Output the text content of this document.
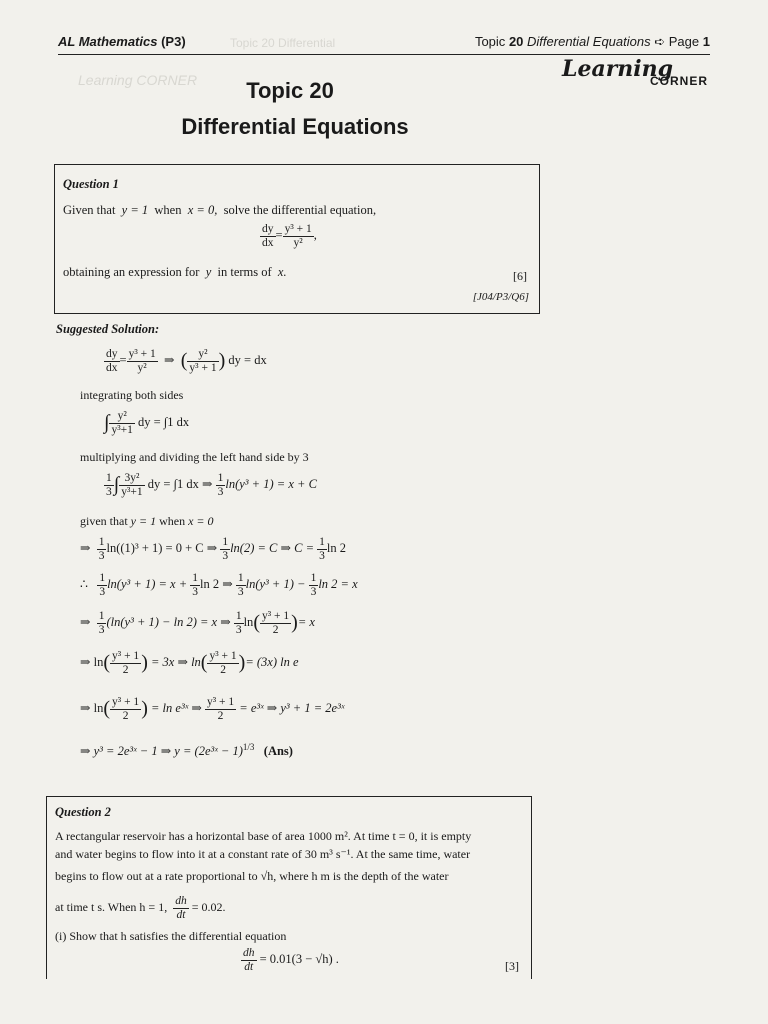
Topic 20 Differential
Learning CORNER
AL Mathematics (P3)	Topic 20 Differential Equations ➪ Page 1
Learning
CORNER
Topic 20
Differential Equations
Question 1
Given that y = 1 when x = 0, solve the differential equation,
$\frac{dy}{dx} = \frac{\text{y³ + 1}}{\text{y²}}$ ,
obtaining an expression for y in terms of x.	[6]
[J04/P3/Q6]
Suggested Solution:
$\frac{dy}{dx} = \frac{\text{y³ + 1}}{\text{y²}}$ ⇒ ( $\frac{\text{y²}}{\text{y³ + 1}}$ ) dy = dx
integrating both sides
∫ $\frac{\text{y²}}{\text{y³+1}}$ dy = ∫1 dx
multiplying and dividing the left hand side by 3
$\frac{1}{3}$ ∫ $\frac{\text{3y²}}{\text{y³+1}}$ dy = ∫1 dx ⇒ $\frac{1}{3} \ln(y^3 + 1) = x + C$
given that y = 1 when x = 0
⇒ $\frac{1}{3} \ln((1)^3 + 1) = 0 + C$ ⇒ $\frac{1}{3} \ln(2) = C$ ⇒ $C = \frac{1}{3}$ ln 2
∴ $\frac{1}{3} \ln(y^3 + 1) = x + \frac{1}{3}$ ln 2 ⇒ $\frac{1}{3} \ln(y^3 + 1) - \frac{1}{3}$ ln 2 = x
⇒ $\frac{1}{3} (\ln(y^3 + 1) - \ln 2) = x$ ⇒ $\frac{1}{3} \ln( \frac{\text{y³ + 1}}{2}$ )= x
⇒ $\ln( \frac{\text{y³ + 1}}{2}$ ) = 3x ⇒ $\ln( \frac{\text{y³ + 1}}{2}$ )= (3x) ln e
⇒ $\ln( \frac{\text{y³ + 1}}{2}$ ) = ln e³ˣ ⇒ $\frac{\text{y³ + 1}}{2}$ = e³ˣ ⇒ y³ + 1 = 2e³ˣ
⇒ y³ = 2e³ˣ − 1 ⇒ y = (2e³ˣ − 1)$^{1/3}$ (Ans)
Question 2
A rectangular reservoir has a horizontal base of area 1000 m². At time t = 0, it is empty
and water begins to flow into it at a constant rate of 30 m³ s⁻¹. At the same time, water
begins to flow out at a rate proportional to √h, where h m is the depth of the water
at time t s. When h = 1, $\frac{dh}{dt} = 0.02$.
(i) Show that h satisfies the differential equation
$\frac{dh}{dt} = 0.01(3 - √h)$ .	[3]
